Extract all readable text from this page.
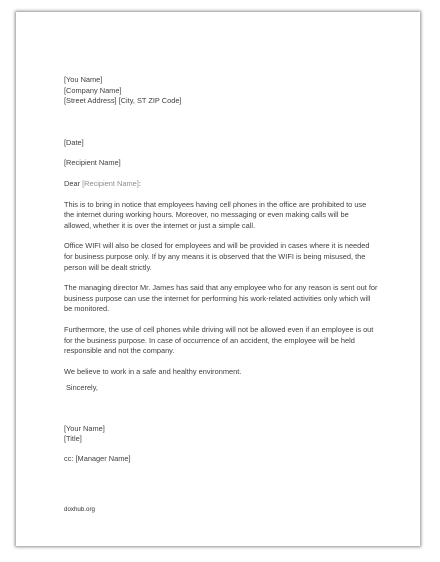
[You Name]
[Company Name]
[Street Address] [City, ST ZIP Code]
[Date]
[Recipient Name]
Dear [Recipient Name]:

This is to bring in notice that employees having cell phones in the office are prohibited to use
the internet during working hours. Moreover, no messaging or even making calls will be
allowed, whether it is over the internet or just a simple call.

Office WIFI will also be closed for employees and will be provided in cases where it is needed
for business purpose only. If by any means it is observed that the WIFI is being misused, the
person will be dealt strictly.

The managing director Mr. James has said that any employee who for any reason is sent out for
business purpose can use the internet for performing his work-related activities only which will
be monitored.

Furthermore, the use of cell phones while driving will not be allowed even if an employee is out
for the business purpose. In case of occurrence of an accident, the employee will be held
responsible and not the company.

We believe to work in a safe and healthy environment.

Sincerely,
[Your Name]
[Title]
cc: [Manager Name]
doxhub.org
